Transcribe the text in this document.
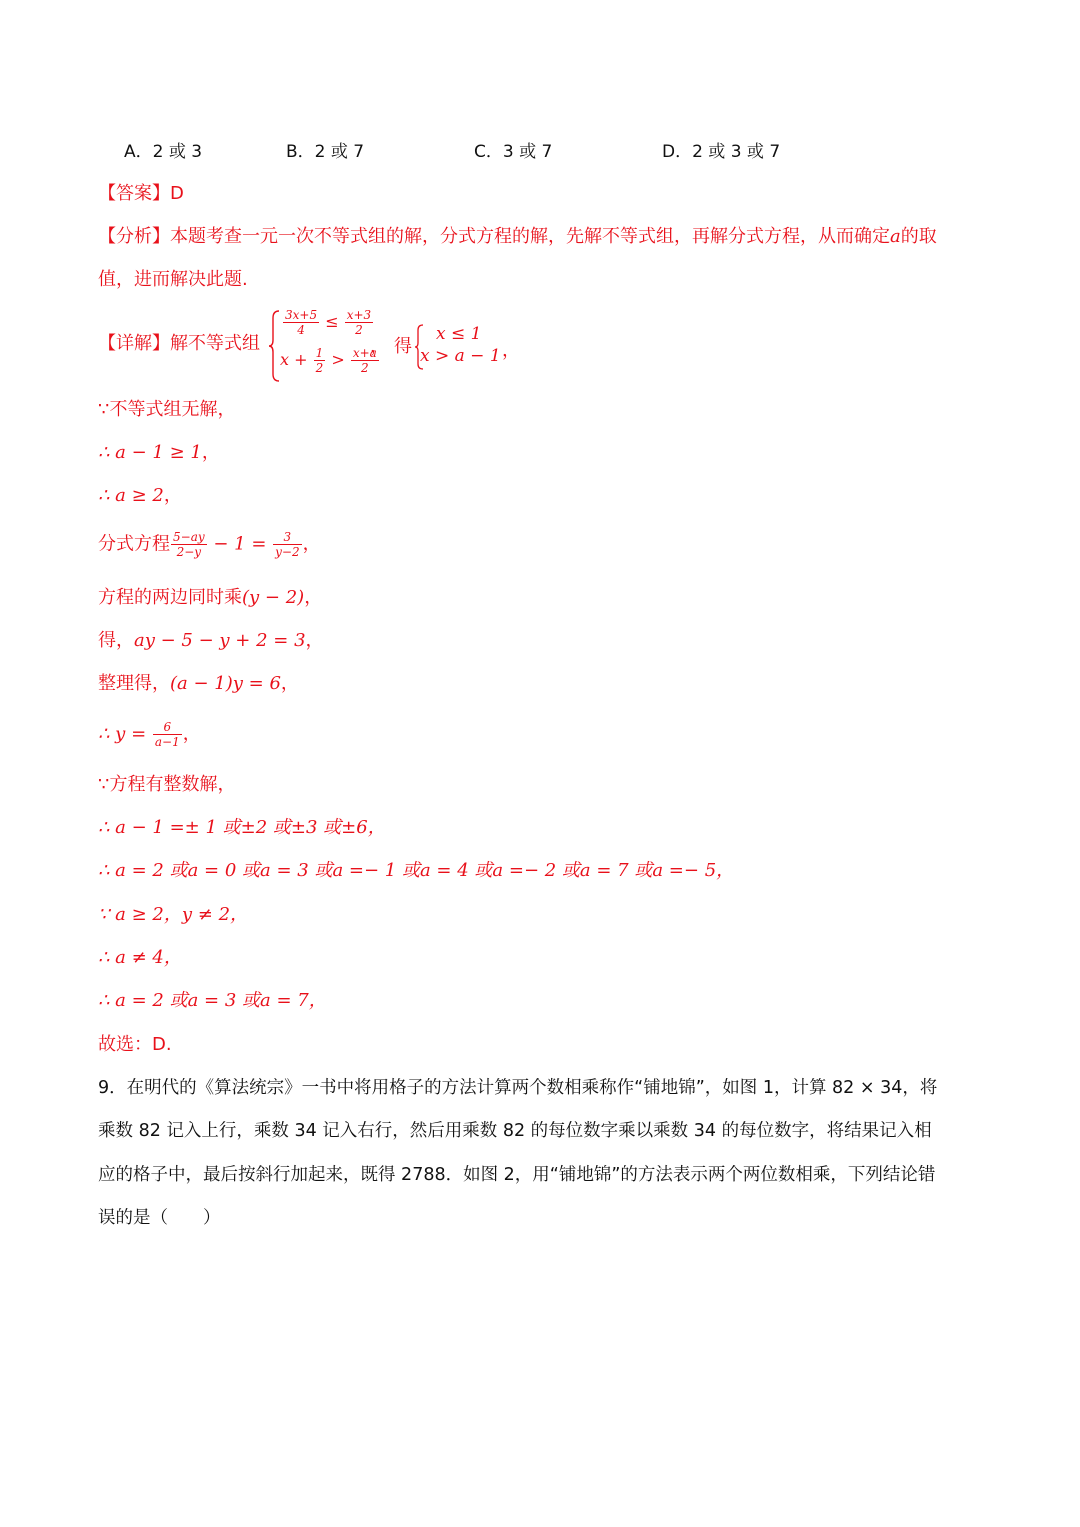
A．2 或 3	B．2 或 7	C．3 或 7	D．2 或 3 或 7
【答案】D
【分析】本题考查一元一次不等式组的解，分式方程的解，先解不等式组，再解分式方程，从而确定a的取
值，进而解决此题.
【详解】解不等式组
$\frac{3x+5}{4} \le \frac{x+3}{2}$
$x + \frac{1}{2} > \frac{x+a}{2}$
， 得
x ≤ 1
x > a − 1 ，
∵不等式组无解，
∴ a − 1 ≥ 1，
∴ a ≥ 2，
分式方程 $\frac{5-ay}{2-y} - 1 = \frac{3}{y-2}$ ，
方程的两边同时乘(y − 2)，
得，ay − 5 − y + 2 = 3，
整理得，(a − 1)y = 6，
∴ $y = \frac{6}{a-1}$ ，
∵方程有整数解，
∴ a − 1 =± 1 或±2 或±3 或±6，
∴ a = 2 或a = 0 或a = 3 或a =− 1 或a = 4 或a =− 2 或a = 7 或a =− 5，
∵ a ≥ 2，y ≠ 2，
∴ a ≠ 4，
∴ a = 2 或a = 3 或a = 7，
故选：D.
9．在明代的《算法统宗》一书中将用格子的方法计算两个数相乘称作“铺地锦”，如图 1，计算 82 × 34，将
乘数 82 记入上行，乘数 34 记入右行，然后用乘数 82 的每位数字乘以乘数 34 的每位数字，将结果记入相
应的格子中，最后按斜行加起来，既得 2788．如图 2，用“铺地锦”的方法表示两个两位数相乘，下列结论错
误的是（　　）
